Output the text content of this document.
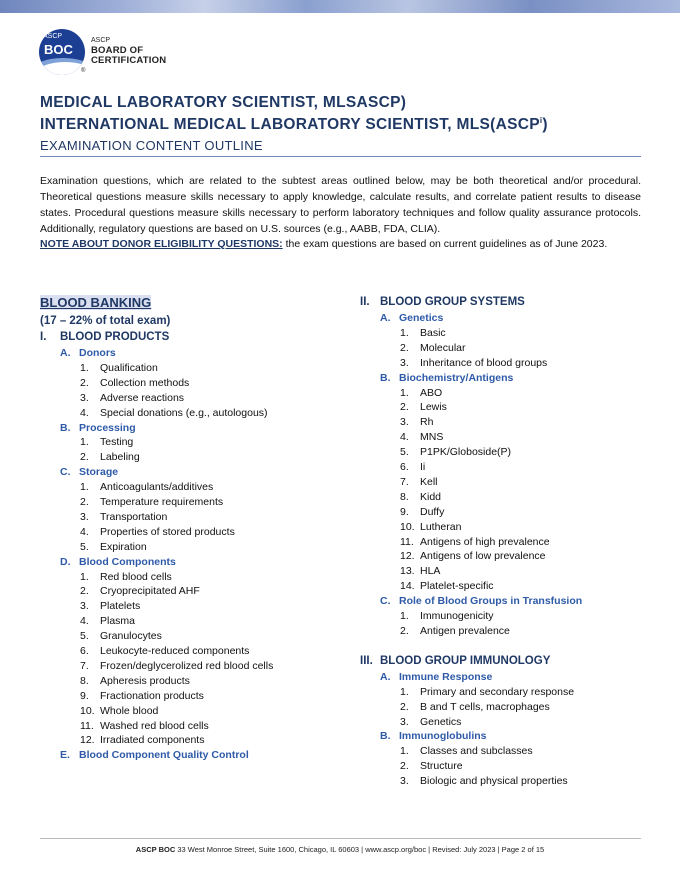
ASCP
BOC
®
ASCP
BOARD OF
CERTIFICATION
MEDICAL LABORATORY SCIENTIST, MLSASCP)
INTERNATIONAL MEDICAL LABORATORY SCIENTIST, MLS(ASCP$^i$)
EXAMINATION CONTENT OUTLINE

Examination questions, which are related to the subtest areas outlined below, may be both theoretical and/or procedural. Theoretical questions measure skills necessary to apply knowledge, calculate results, and correlate patient results to disease states. Procedural questions measure skills necessary to perform laboratory techniques and follow quality assurance protocols. Additionally, regulatory questions are based on U.S. sources (e.g., AABB, FDA, CLIA).

NOTE ABOUT DONOR ELIGIBILITY QUESTIONS: the exam questions are based on current guidelines as of June 2023.

BLOOD BANKING
(17 – 22% of total exam)
I. BLOOD PRODUCTS
A. Donors
1. Qualification
2. Collection methods
3. Adverse reactions
4. Special donations (e.g., autologous)
B. Processing
1. Testing
2. Labeling
C. Storage
1. Anticoagulants/additives
2. Temperature requirements
3. Transportation
4. Properties of stored products
5. Expiration
D. Blood Components
1. Red blood cells
2. Cryoprecipitated AHF
3. Platelets
4. Plasma
5. Granulocytes
6. Leukocyte-reduced components
7. Frozen/deglycerolized red blood cells
8. Apheresis products
9. Fractionation products
10. Whole blood
11. Washed red blood cells
12. Irradiated components
E. Blood Component Quality Control
II. BLOOD GROUP SYSTEMS
A. Genetics
1. Basic
2. Molecular
3. Inheritance of blood groups
B. Biochemistry/Antigens
1. ABO
2. Lewis
3. Rh
4. MNS
5. P1PK/Globoside(P)
6. Ii
7. Kell
8. Kidd
9. Duffy
10. Lutheran
11. Antigens of high prevalence
12. Antigens of low prevalence
13. HLA
14. Platelet-specific
C. Role of Blood Groups in Transfusion
1. Immunogenicity
2. Antigen prevalence
III. BLOOD GROUP IMMUNOLOGY
A. Immune Response
1. Primary and secondary response
2. B and T cells, macrophages
3. Genetics
B. Immunoglobulins
1. Classes and subclasses
2. Structure
3. Biologic and physical properties
ASCP BOC 33 West Monroe Street, Suite 1600, Chicago, IL 60603 | www.ascp.org/boc | Revised: July 2023 | Page 2 of 15
